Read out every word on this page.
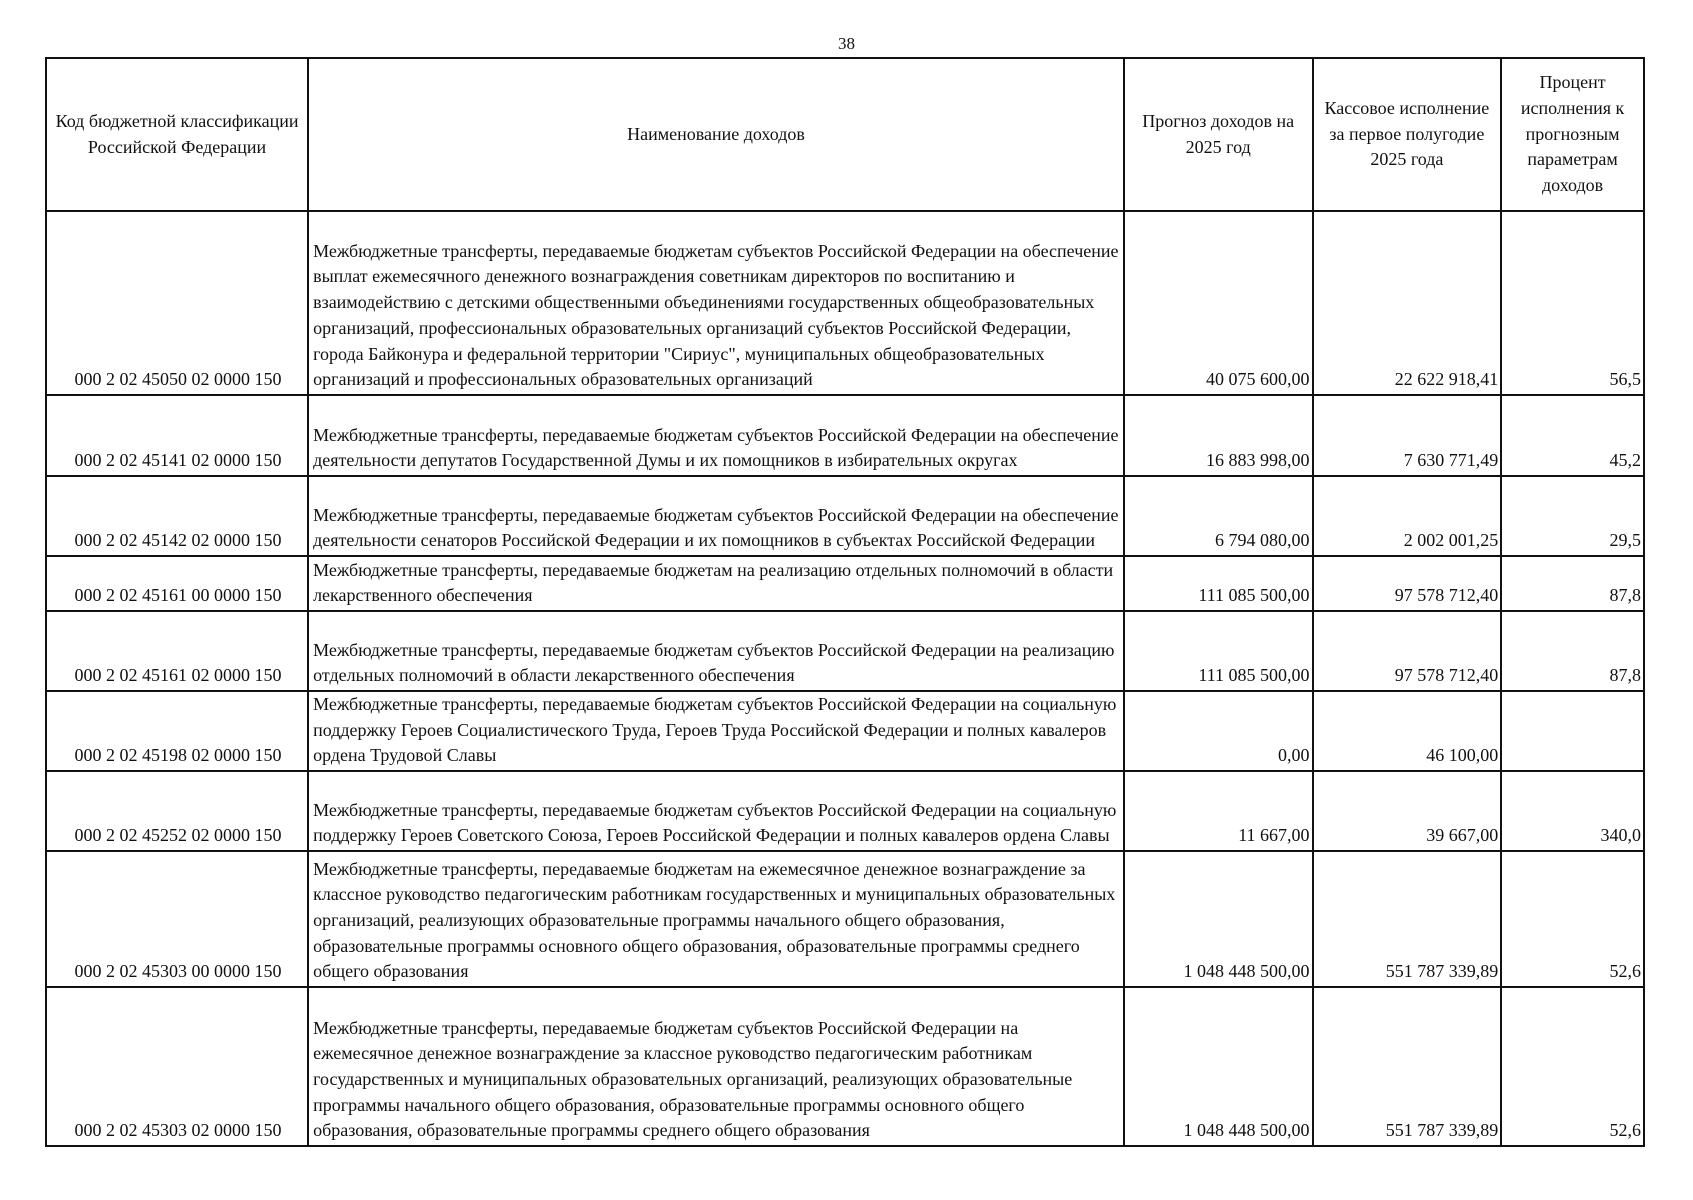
38
Код бюджетной классификации Российской Федерации	Наименование доходов	Прогноз доходов на 2025 год	Кассовое исполнение за первое полугодие 2025 года	Процент исполнения к прогнозным параметрам доходов
000 2 02 45050 02 0000 150	Межбюджетные трансферты, передаваемые бюджетам субъектов Российской Федерации на обеспечение выплат ежемесячного денежного вознаграждения советникам директоров по воспитанию и взаимодействию с детскими общественными объединениями государственных общеобразовательных организаций, профессиональных образовательных организаций субъектов Российской Федерации, города Байконура и федеральной территории "Сириус", муниципальных общеобразовательных организаций и профессиональных образовательных организаций	40 075 600,00	22 622 918,41	56,5
000 2 02 45141 02 0000 150	Межбюджетные трансферты, передаваемые бюджетам субъектов Российской Федерации на обеспечение деятельности депутатов Государственной Думы и их помощников в избирательных округах	16 883 998,00	7 630 771,49	45,2
000 2 02 45142 02 0000 150	Межбюджетные трансферты, передаваемые бюджетам субъектов Российской Федерации на обеспечение деятельности сенаторов Российской Федерации и их помощников в субъектах Российской Федерации	6 794 080,00	2 002 001,25	29,5
000 2 02 45161 00 0000 150	Межбюджетные трансферты, передаваемые бюджетам на реализацию отдельных полномочий в области лекарственного обеспечения	111 085 500,00	97 578 712,40	87,8
000 2 02 45161 02 0000 150	Межбюджетные трансферты, передаваемые бюджетам субъектов Российской Федерации на реализацию отдельных полномочий в области лекарственного обеспечения	111 085 500,00	97 578 712,40	87,8
000 2 02 45198 02 0000 150	Межбюджетные трансферты, передаваемые бюджетам субъектов Российской Федерации на социальную поддержку Героев Социалистического Труда, Героев Труда Российской Федерации и полных кавалеров ордена Трудовой Славы	0,00	46 100,00	
000 2 02 45252 02 0000 150	Межбюджетные трансферты, передаваемые бюджетам субъектов Российской Федерации на социальную поддержку Героев Советского Союза, Героев Российской Федерации и полных кавалеров ордена Славы	11 667,00	39 667,00	340,0
000 2 02 45303 00 0000 150	Межбюджетные трансферты, передаваемые бюджетам на ежемесячное денежное вознаграждение за классное руководство педагогическим работникам государственных и муниципальных образовательных организаций, реализующих образовательные программы начального общего образования, образовательные программы основного общего образования, образовательные программы среднего общего образования	1 048 448 500,00	551 787 339,89	52,6
000 2 02 45303 02 0000 150	Межбюджетные трансферты, передаваемые бюджетам субъектов Российской Федерации на ежемесячное денежное вознаграждение за классное руководство педагогическим работникам государственных и муниципальных образовательных организаций, реализующих образовательные программы начального общего образования, образовательные программы основного общего образования, образовательные программы среднего общего образования	1 048 448 500,00	551 787 339,89	52,6
